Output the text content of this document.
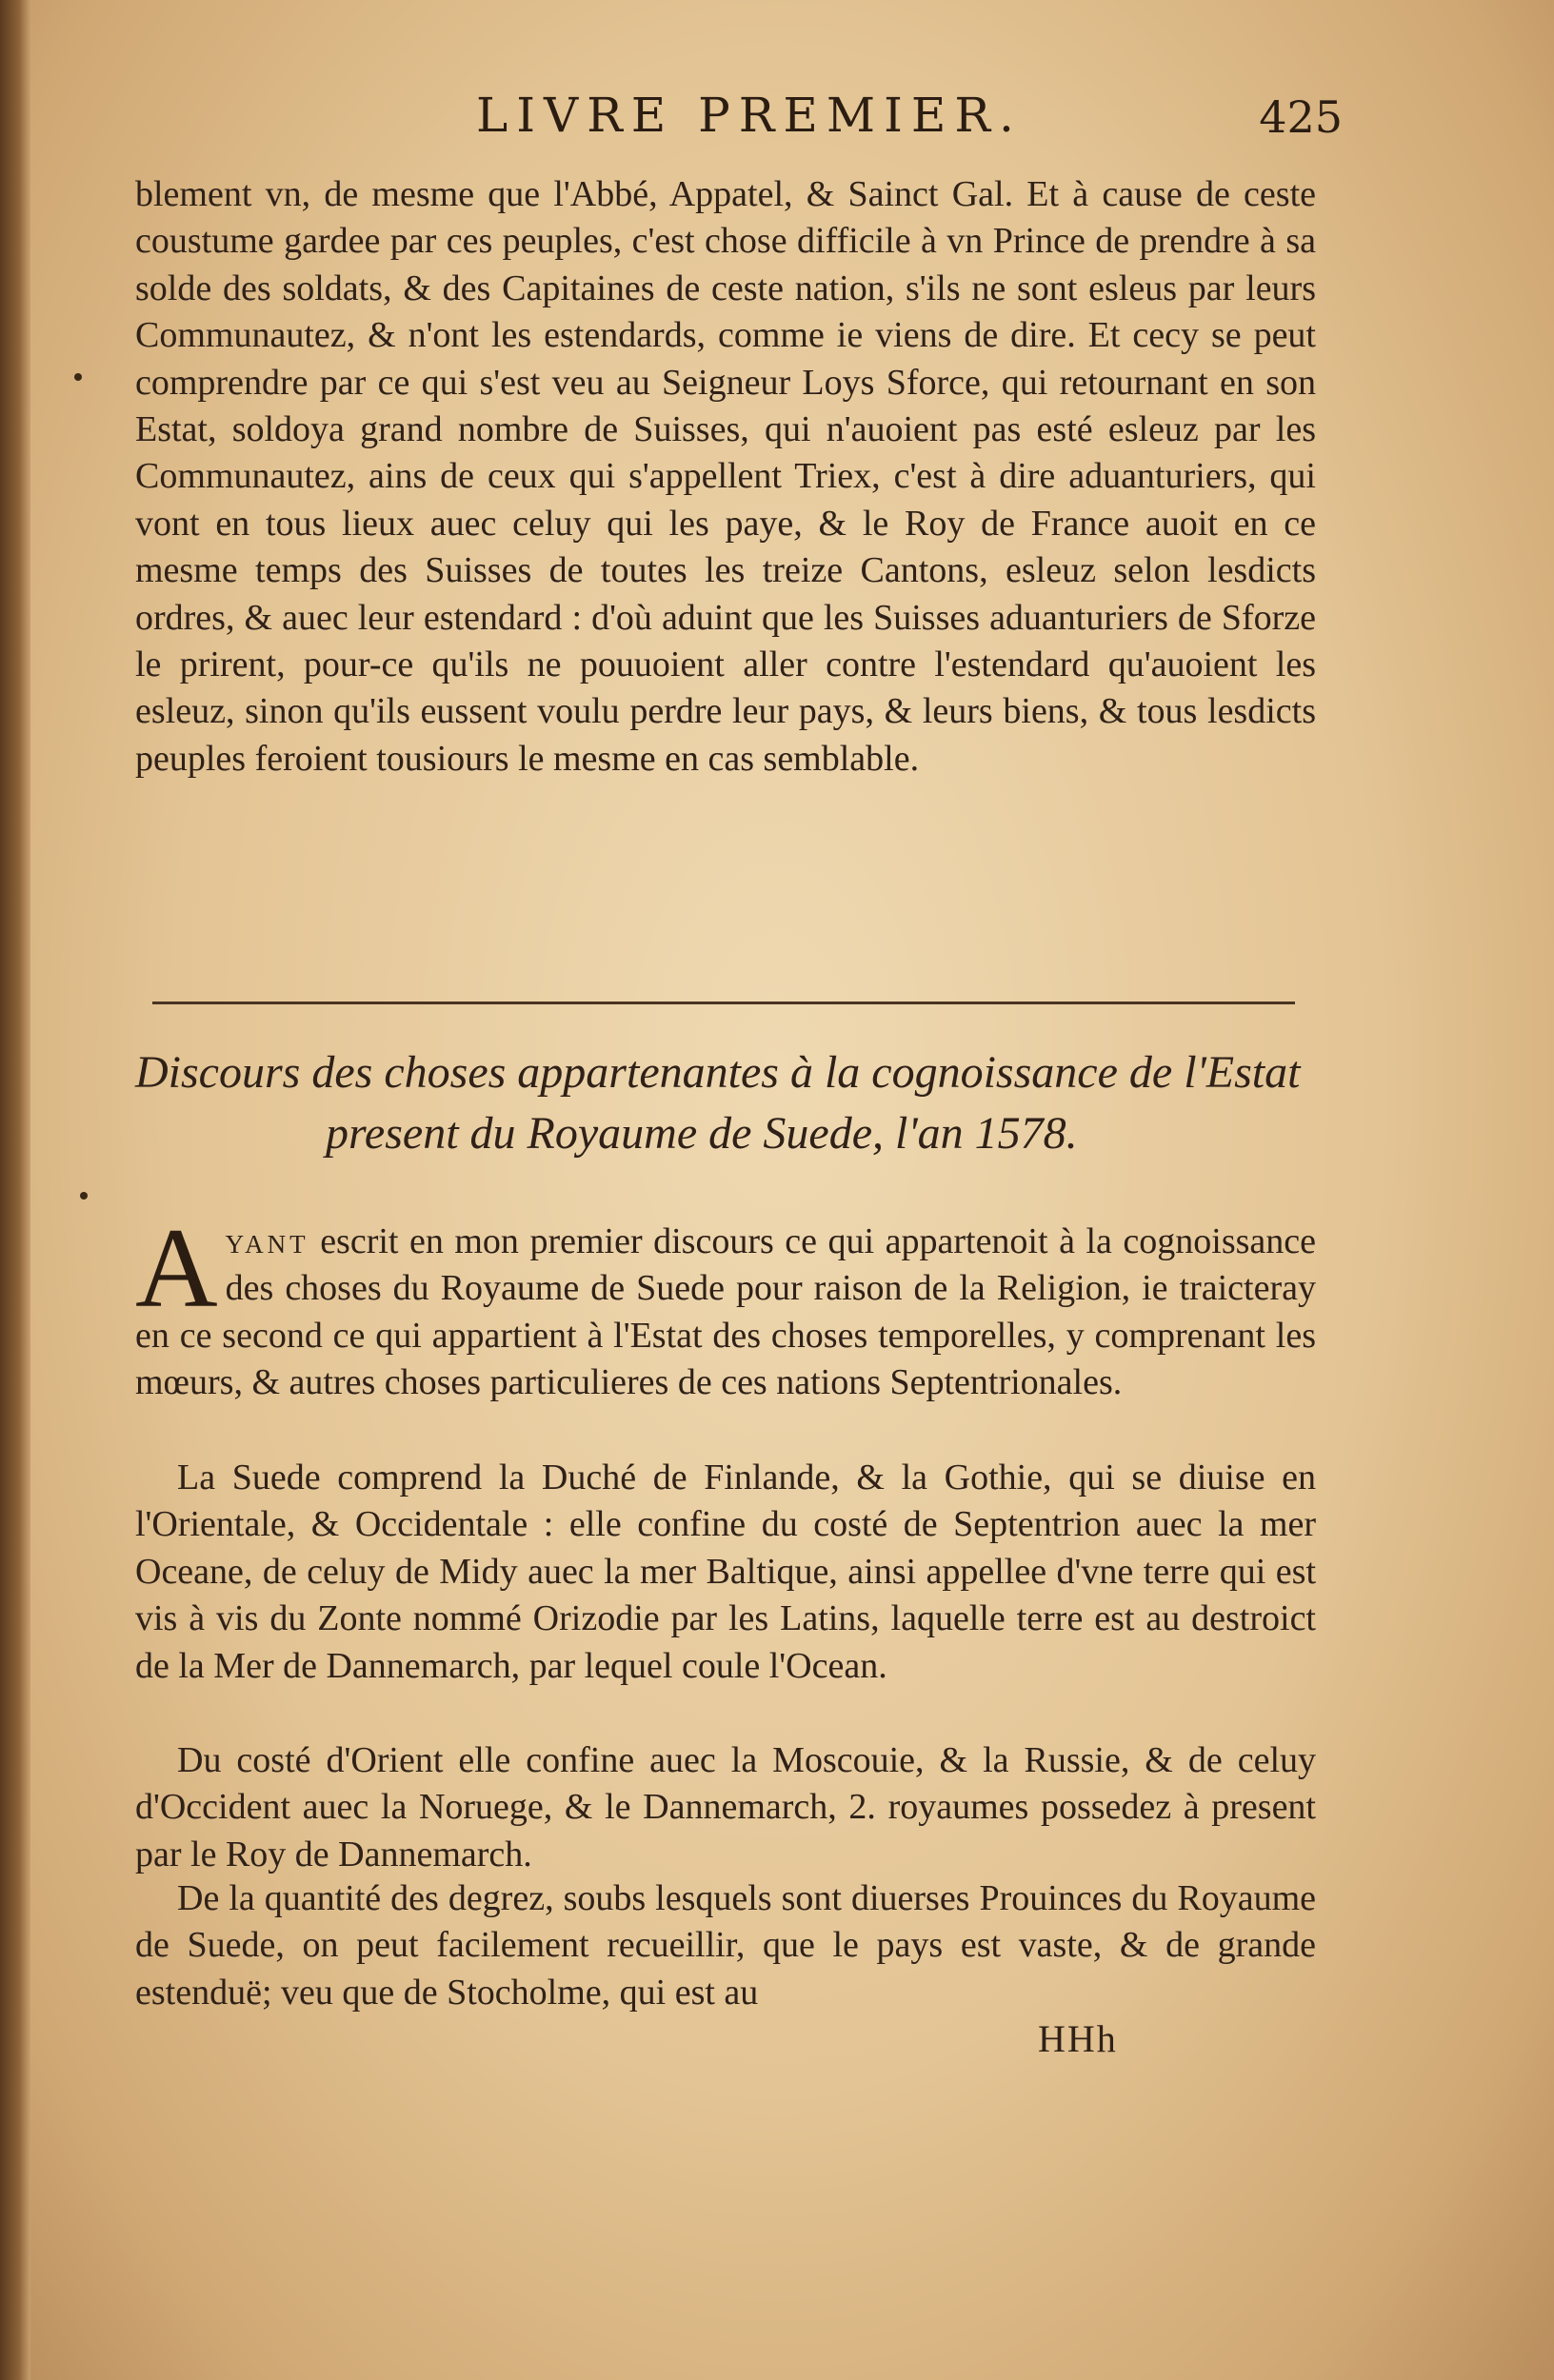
LIVRE PREMIER.	425

blement vn, de mesme que l'Abbé, Appatel, & Sainct Gal. Et à cause de ceste coustume gardee par ces peuples, c'est chose difficile à vn Prince de prendre à sa solde des soldats, & des Capitaines de ceste nation, s'ils ne sont esleus par leurs Communautez, & n'ont les estendards, comme ie viens de dire. Et cecy se peut comprendre par ce qui s'est veu au Seigneur Loys Sforce, qui retournant en son Estat, soldoya grand nombre de Suisses, qui n'auoient pas esté esleuz par les Communautez, ains de ceux qui s'appellent Triex, c'est à dire aduanturiers, qui vont en tous lieux auec celuy qui les paye, & le Roy de France auoit en ce mesme temps des Suisses de toutes les treize Cantons, esleuz selon lesdicts ordres, & auec leur estendard : d'où aduint que les Suisses aduanturiers de Sforze le prirent, pour-ce qu'ils ne pouuoient aller contre l'estendard qu'auoient les esleuz, sinon qu'ils eussent voulu perdre leur pays, & leurs biens, & tous lesdicts peuples feroient tousiours le mesme en cas semblable.

Discours des choses appartenantes à la cognoissance de l'Estat
present du Royaume de Suede, l'an 1578.

Ayant escrit en mon premier discours ce qui appartenoit à la cognoissance des choses du Royaume de Suede pour raison de la Religion, ie traicteray en ce second ce qui appartient à l'Estat des choses temporelles, y comprenant les mœurs, & autres choses particulieres de ces nations Septentrionales.

La Suede comprend la Duché de Finlande, & la Gothie, qui se diuise en l'Orientale, & Occidentale : elle confine du costé de Septentrion auec la mer Oceane, de celuy de Midy auec la mer Baltique, ainsi appellee d'vne terre qui est vis à vis du Zonte nommé Orizodie par les Latins, laquelle terre est au destroict de la Mer de Dannemarch, par lequel coule l'Ocean.

Du costé d'Orient elle confine auec la Moscouie, & la Russie, & de celuy d'Occident auec la Noruege, & le Dannemarch, 2. royaumes possedez à present par le Roy de Dannemarch.

De la quantité des degrez, soubs lesquels sont diuerses Prouinces du Royaume de Suede, on peut facilement recueillir, que le pays est vaste, & de grande estenduë; veu que de Stocholme, qui est au

HHh
